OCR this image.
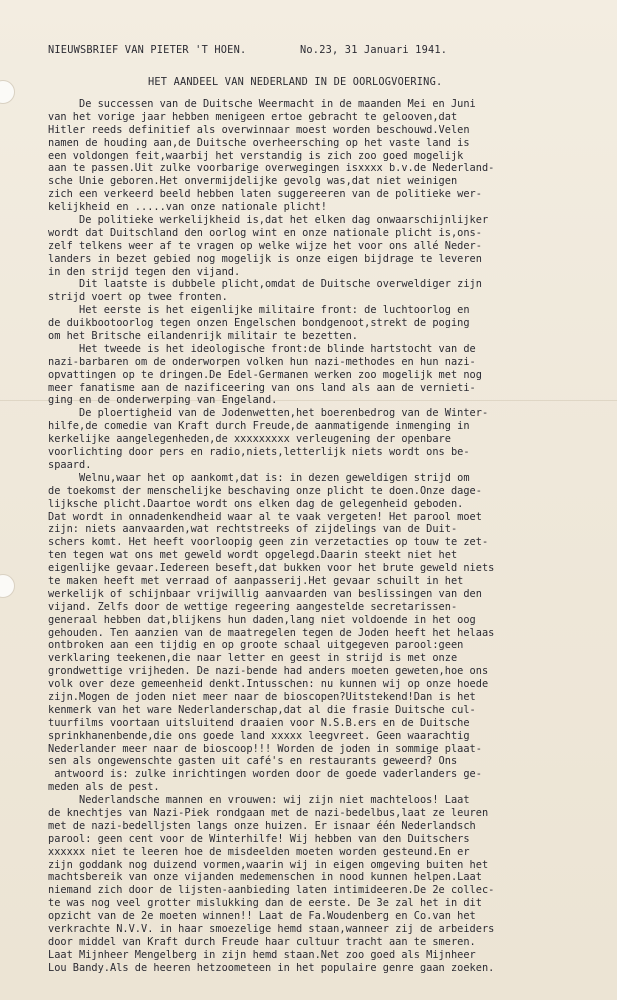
NIEUWSBRIEF VAN PIETER 'T HOEN.	No.23, 31 Januari 1941.
HET AANDEEL VAN NEDERLAND IN DE OORLOGVOERING.
De successen van de Duitsche Weermacht in de maanden Mei en Juni
van het vorige jaar hebben menigeen ertoe gebracht te gelooven,dat
Hitler reeds definitief als overwinnaar moest worden beschouwd.Velen
namen de houding aan,de Duitsche overheersching op het vaste land is
een voldongen feit,waarbij het verstandig is zich zoo goed mogelijk
aan te passen.Uit zulke voorbarige overwegingen isxxxx b.v.de Nederland-
sche Unie geboren.Het onvermijdelijke gevolg was,dat niet weinigen
zich een verkeerd beeld hebben laten suggereeren van de politieke wer-
kelijkheid en .....van onze nationale plicht!
De politieke werkelijkheid is,dat het elken dag onwaarschijnlijker
wordt dat Duitschland den oorlog wint en onze nationale plicht is,ons-
zelf telkens weer af te vragen op welke wijze het voor ons allé Neder-
landers in bezet gebied nog mogelijk is onze eigen bijdrage te leveren
in den strijd tegen den vijand.
Dit laatste is dubbele plicht,omdat de Duitsche overweldiger zijn
strijd voert op twee fronten.
Het eerste is het eigenlijke militaire front: de luchtoorlog en
de duikbootoorlog tegen onzen Engelschen bondgenoot,strekt de poging
om het Britsche eilandenrijk militair te bezetten.
Het tweede is het ideologische front:de blinde hartstocht van de
nazi-barbaren om de onderworpen volken hun nazi-methodes en hun nazi-
opvattingen op te dringen.De Edel-Germanen werken zoo mogelijk met nog
meer fanatisme aan de nazificeering van ons land als aan de vernieti-
ging en de onderwerping van Engeland.
De ploertigheid van de Jodenwetten,het boerenbedrog van de Winter-
hilfe,de comedie van Kraft durch Freude,de aanmatigende inmenging in
kerkelijke aangelegenheden,de xxxxxxxxx verleugening der openbare
voorlichting door pers en radio,niets,letterlijk niets wordt ons be-
spaard.
Welnu,waar het op aankomt,dat is: in dezen geweldigen strijd om
de toekomst der menschelijke beschaving onze plicht te doen.Onze dage-
lijksche plicht.Daartoe wordt ons elken dag de gelegenheid geboden.
Dat wordt in onnadenkendheid waar al te vaak vergeten! Het parool moet
zijn: niets aanvaarden,wat rechtstreeks of zijdelings van de Duit-
schers komt. Het heeft voorloopig geen zin verzetacties op touw te zet-
ten tegen wat ons met geweld wordt opgelegd.Daarin steekt niet het
eigenlijke gevaar.Iedereen beseft,dat bukken voor het brute geweld niets
te maken heeft met verraad of aanpasserij.Het gevaar schuilt in het
werkelijk of schijnbaar vrijwillig aanvaarden van beslissingen van den
vijand. Zelfs door de wettige regeering aangestelde secretarissen-
generaal hebben dat,blijkens hun daden,lang niet voldoende in het oog
gehouden. Ten aanzien van de maatregelen tegen de Joden heeft het helaas
ontbroken aan een tijdig en op groote schaal uitgegeven parool:geen
verklaring teekenen,die naar letter en geest in strijd is met onze
grondwettige vrijheden. De nazi-bende had anders moeten geweten,hoe ons
volk over deze gemeenheid denkt.Intusschen: nu kunnen wij op onze hoede
zijn.Mogen de joden niet meer naar de bioscopen?Uitstekend!Dan is het
kenmerk van het ware Nederlanderschap,dat al die frasie Duitsche cul-
tuurfilms voortaan uitsluitend draaien voor N.S.B.ers en de Duitsche
sprinkhanenbende,die ons goede land xxxxx leegvreet. Geen waarachtig
Nederlander meer naar de bioscoop!!! Worden de joden in sommige plaat-
sen als ongewenschte gasten uit café's en restaurants geweerd? Ons
antwoord is: zulke inrichtingen worden door de goede vaderlanders ge-
meden als de pest.
Nederlandsche mannen en vrouwen: wij zijn niet machteloos! Laat
de knechtjes van Nazi-Piek rondgaan met de nazi-bedelbus,laat ze leuren
met de nazi-bedelljsten langs onze huizen. Er isnaar één Nederlandsch
parool: geen cent voor de Winterhilfe! Wij hebben van den Duitschers
xxxxxx niet te leeren hoe de misdeelden moeten worden gesteund.En er
zijn goddank nog duizend vormen,waarin wij in eigen omgeving buiten het
machtsbereik van onze vijanden medemenschen in nood kunnen helpen.Laat
niemand zich door de lijsten-aanbieding laten intimideeren.De 2e collec-
te was nog veel grotter mislukking dan de eerste. De 3e zal het in dit
opzicht van de 2e moeten winnen!! Laat de Fa.Woudenberg en Co.van het
verkrachte N.V.V. in haar smoezelige hemd staan,wanneer zij de arbeiders
door middel van Kraft durch Freude haar cultuur tracht aan te smeren.
Laat Mijnheer Mengelberg in zijn hemd staan.Net zoo goed als Mijnheer
Lou Bandy.Als de heeren hetzoometeen in het populaire genre gaan zoeken.
